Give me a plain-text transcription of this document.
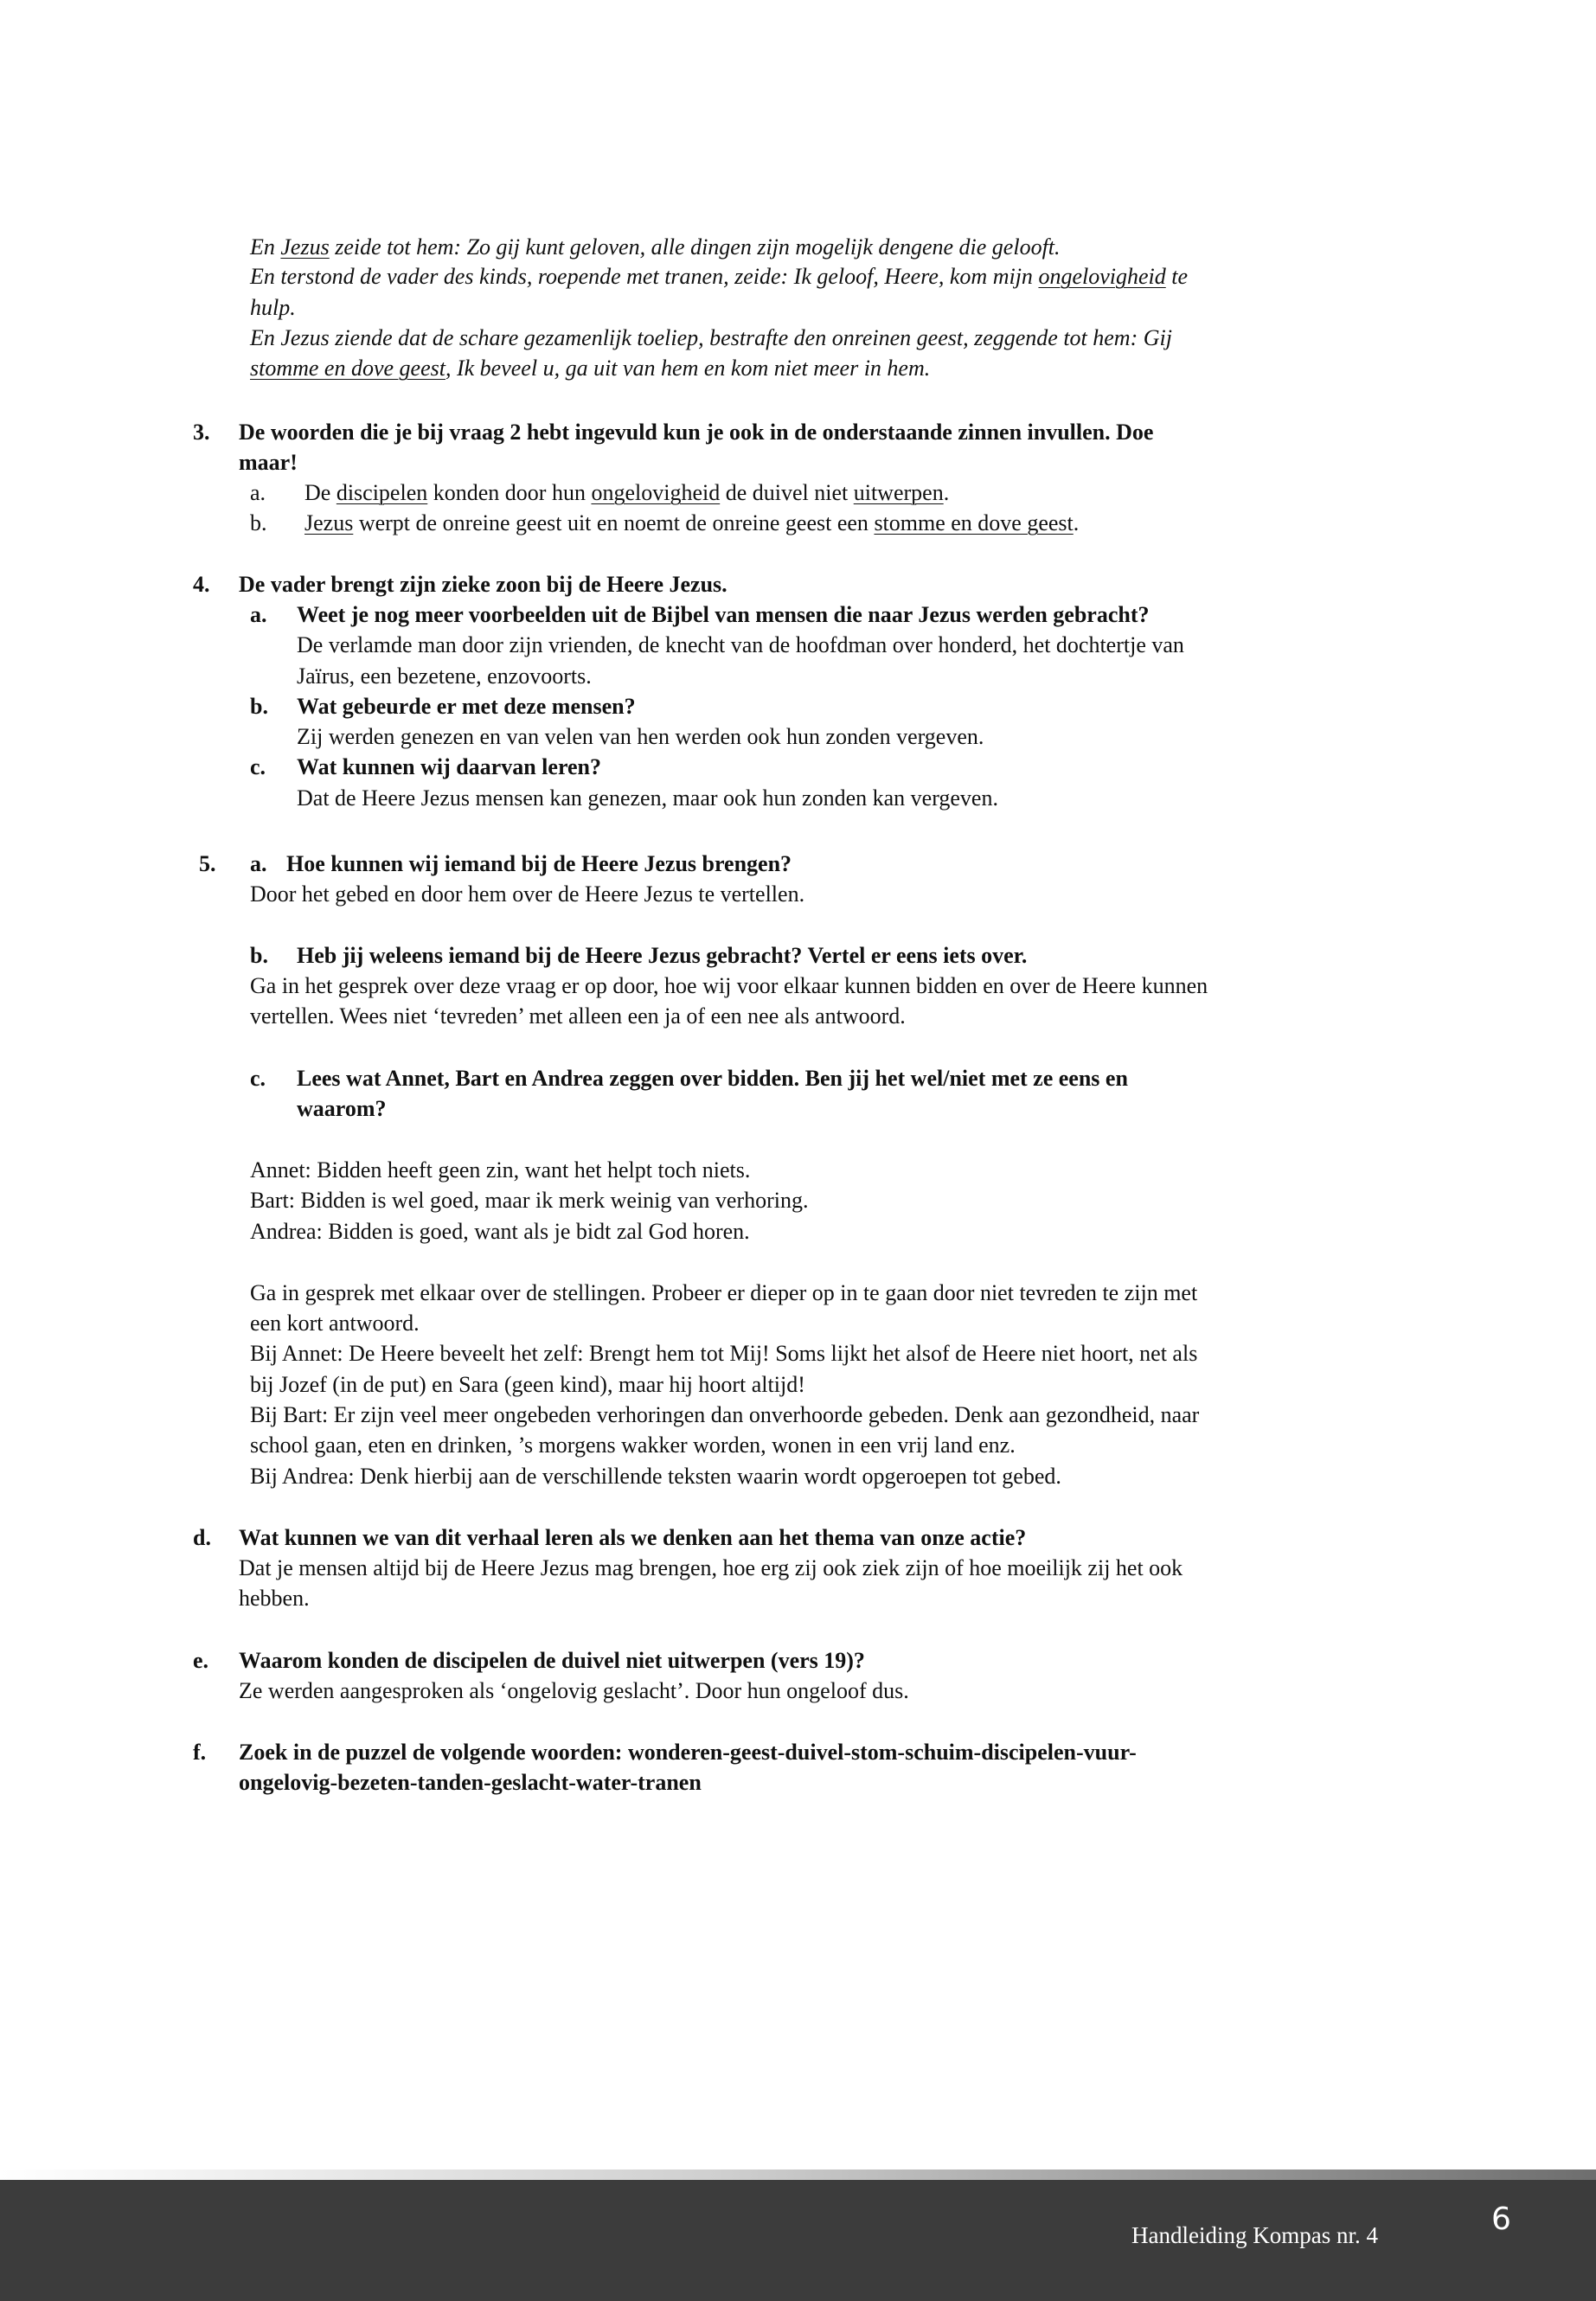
En Jezus zeide tot hem: Zo gij kunt geloven, alle dingen zijn mogelijk dengene die gelooft.
En terstond de vader des kinds, roepende met tranen, zeide: Ik geloof, Heere, kom mijn ongelovigheid te
hulp.
En Jezus ziende dat de schare gezamenlijk toeliep, bestrafte den onreinen geest, zeggende tot hem: Gij
stomme en dove geest, Ik beveel u, ga uit van hem en kom niet meer in hem.
3. De woorden die je bij vraag 2 hebt ingevuld kun je ook in de onderstaande zinnen invullen. Doe
maar!
a. De discipelen konden door hun ongelovigheid de duivel niet uitwerpen.
b. Jezus werpt de onreine geest uit en noemt de onreine geest een stomme en dove geest.
4. De vader brengt zijn zieke zoon bij de Heere Jezus.
a. Weet je nog meer voorbeelden uit de Bijbel van mensen die naar Jezus werden gebracht?
De verlamde man door zijn vrienden, de knecht van de hoofdman over honderd, het dochtertje van
Jaïrus, een bezetene, enzovoorts.
b. Wat gebeurde er met deze mensen?
Zij werden genezen en van velen van hen werden ook hun zonden vergeven.
c. Wat kunnen wij daarvan leren?
Dat de Heere Jezus mensen kan genezen, maar ook hun zonden kan vergeven.
5. a. Hoe kunnen wij iemand bij de Heere Jezus brengen?
Door het gebed en door hem over de Heere Jezus te vertellen.
b. Heb jij weleens iemand bij de Heere Jezus gebracht? Vertel er eens iets over.
Ga in het gesprek over deze vraag er op door, hoe wij voor elkaar kunnen bidden en over de Heere kunnen
vertellen. Wees niet ‘tevreden’ met alleen een ja of een nee als antwoord.
c. Lees wat Annet, Bart en Andrea zeggen over bidden. Ben jij het wel/niet met ze eens en
waarom?
Annet: Bidden heeft geen zin, want het helpt toch niets.
Bart: Bidden is wel goed, maar ik merk weinig van verhoring.
Andrea: Bidden is goed, want als je bidt zal God horen.
Ga in gesprek met elkaar over de stellingen. Probeer er dieper op in te gaan door niet tevreden te zijn met
een kort antwoord.
Bij Annet: De Heere beveelt het zelf: Brengt hem tot Mij! Soms lijkt het alsof de Heere niet hoort, net als
bij Jozef (in de put) en Sara (geen kind), maar hij hoort altijd!
Bij Bart: Er zijn veel meer ongebeden verhoringen dan onverhoorde gebeden. Denk aan gezondheid, naar
school gaan, eten en drinken, ’s morgens wakker worden, wonen in een vrij land enz.
Bij Andrea: Denk hierbij aan de verschillende teksten waarin wordt opgeroepen tot gebed.
d. Wat kunnen we van dit verhaal leren als we denken aan het thema van onze actie?
Dat je mensen altijd bij de Heere Jezus mag brengen, hoe erg zij ook ziek zijn of hoe moeilijk zij het ook
hebben.
e. Waarom konden de discipelen de duivel niet uitwerpen (vers 19)?
Ze werden aangesproken als ‘ongelovig geslacht’. Door hun ongeloof dus.
f. Zoek in de puzzel de volgende woorden: wonderen-geest-duivel-stom-schuim-discipelen-vuur-
ongelovig-bezeten-tanden-geslacht-water-tranen
Handleiding Kompas nr. 4	6
